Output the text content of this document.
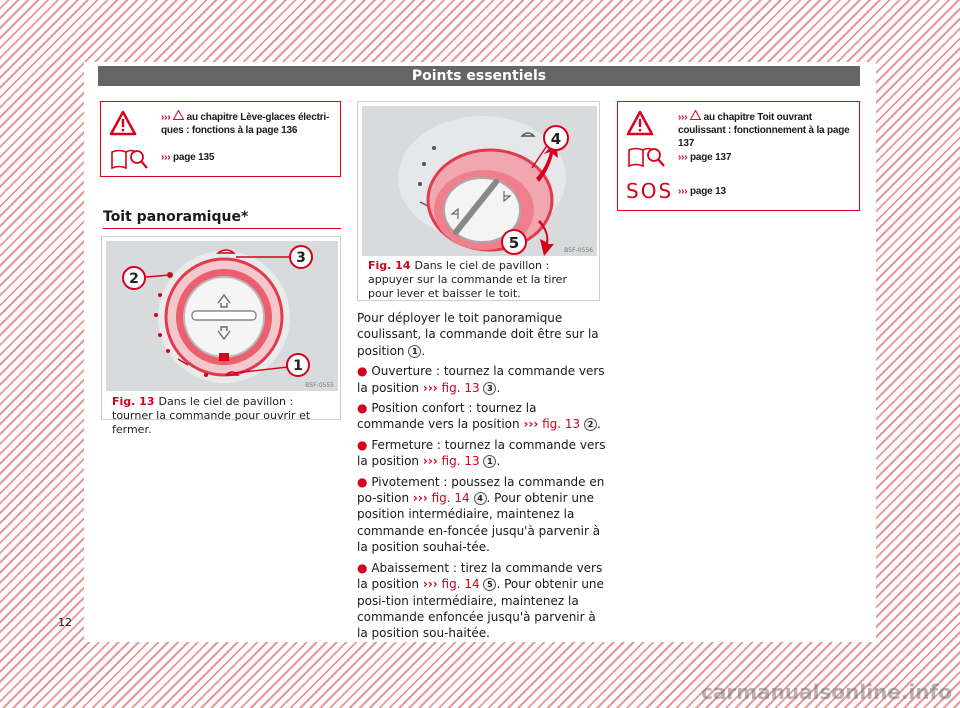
Points essentiels
››› au chapitre Lève-glaces électri-ques : fonctions à la page 136
››› page 135
Toit panoramique*
2
3
1
B5F-0555
Fig. 13 Dans le ciel de pavillon : tourner la commande pour ouvrir et fermer.
4
5	B5F-0556
Fig. 14 Dans le ciel de pavillon : appuyer sur la commande et la tirer pour lever et baisser le toit.

Pour déployer le toit panoramique coulissant, la commande doit être sur la position 1 .

● Ouverture : tournez la commande vers la position ››› fig. 13 3 .

● Position confort : tournez la commande vers la position ››› fig. 13 2 .

● Fermeture : tournez la commande vers la position ››› fig. 13 1 .

● Pivotement : poussez la commande en po-sition ››› fig. 14 4 . Pour obtenir une position intermédiaire, maintenez la commande en-foncée jusqu'à parvenir à la position souhai-tée.

● Abaissement : tirez la commande vers la position ››› fig. 14 5 . Pour obtenir une posi-tion intermédiaire, maintenez la commande enfoncée jusqu'à parvenir à la position sou-haitée.

››› au chapitre Toit ouvrant coulissant : fonctionnement à la page 137
››› page 137
SOS ››› page 13
12
carmanualsonline.info
